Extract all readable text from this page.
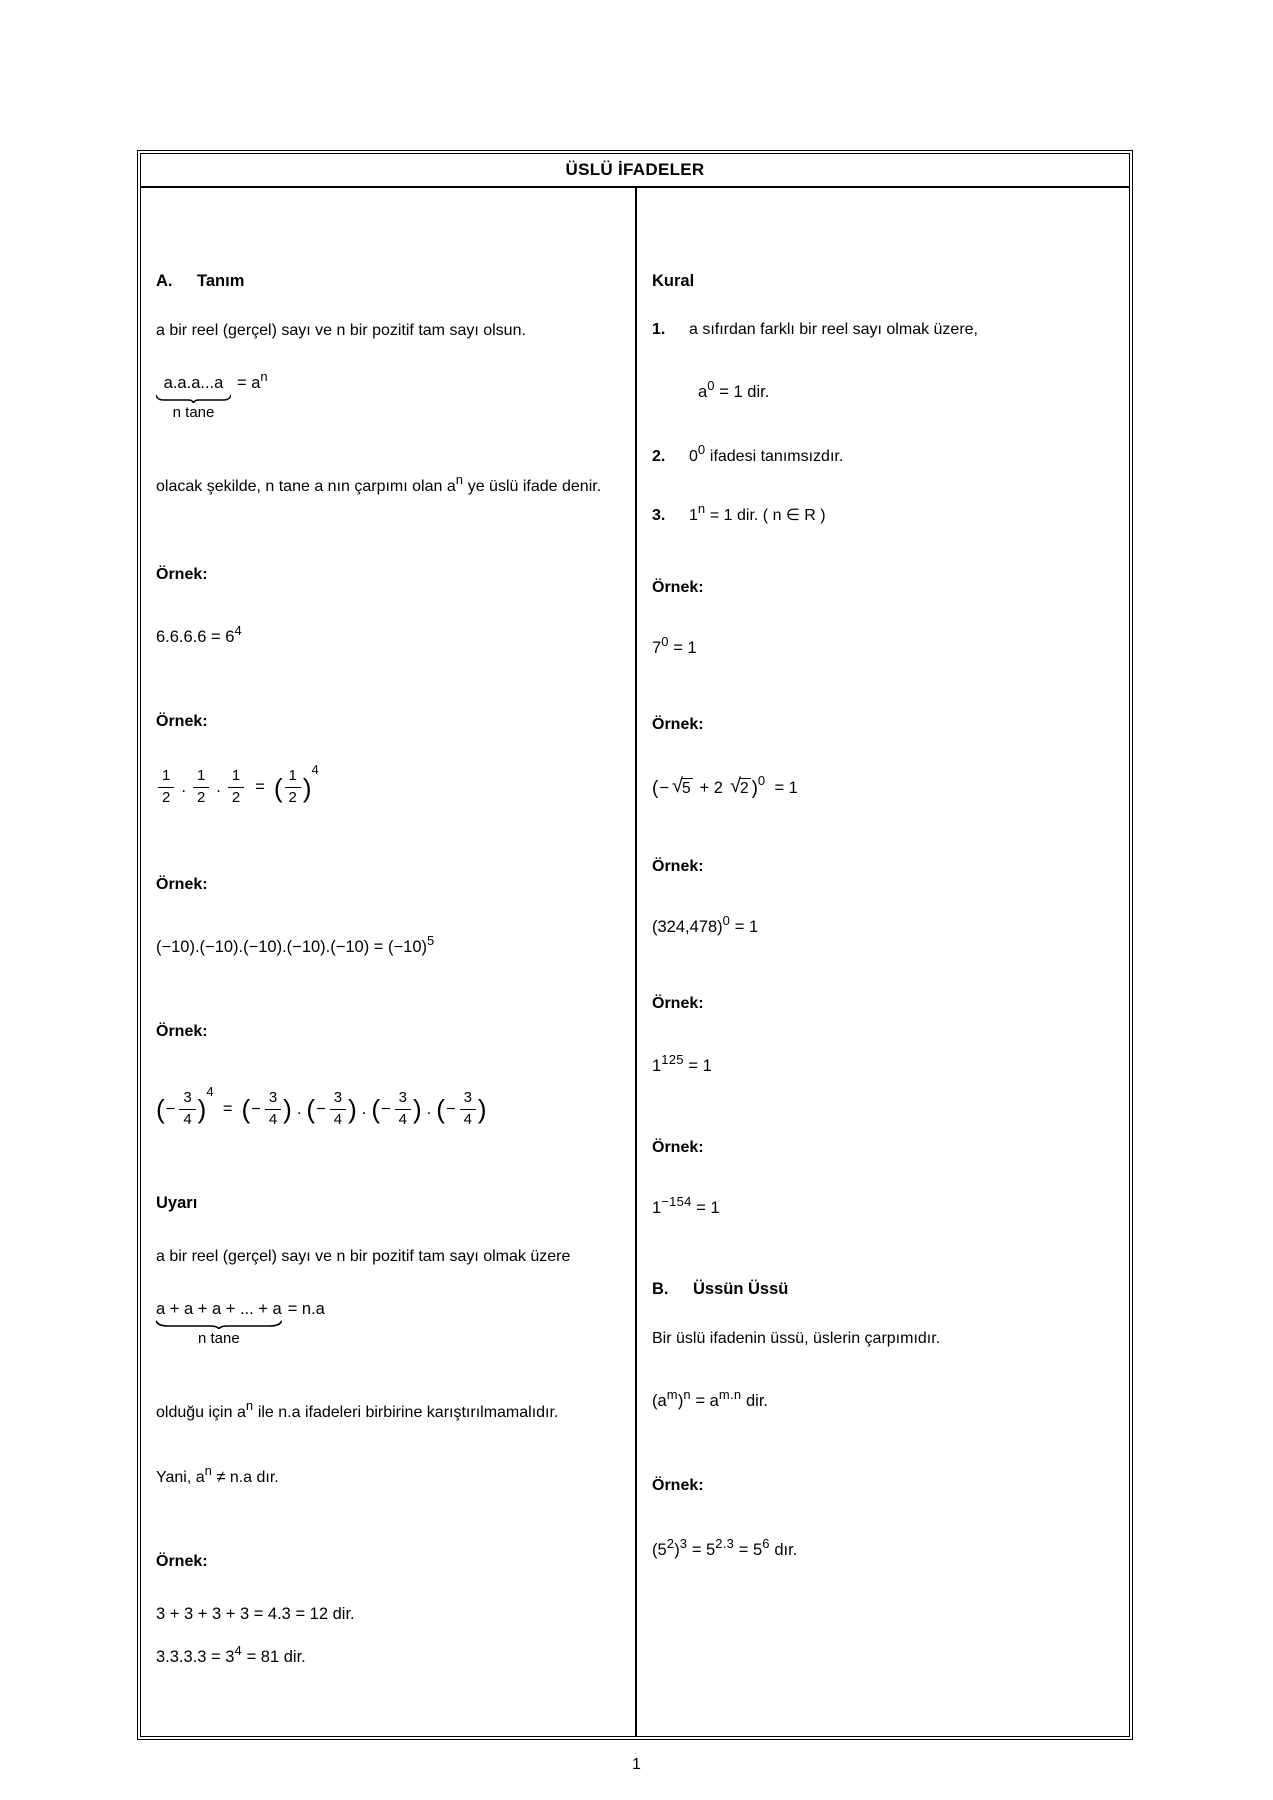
ÜSLÜ İFADELER
A.	Tanım

a bir reel (gerçel) sayı ve n bir pozitif tam sayı olsun.

a.a.a...a
n tane
= $a^n$

olacak şekilde, n tane a nın çarpımı olan $a^n$ ye üslü ifade denir.

Örnek:
$6.6.6.6 = 6^4$
Örnek:
$\frac{1}{2}$ . $\frac{1}{2}$ . $\frac{1}{2}$ = ( $\frac{1}{2}$ )
4
Örnek:
$(-10).(-10).(-10).(-10).(-10) = (-10)^5$
Örnek:
( − $\frac{3}{4}$ )
4
= ( − $\frac{3}{4}$ ) . ( − $\frac{3}{4}$ ) . ( − $\frac{3}{4}$ ) . ( − $\frac{3}{4}$ )
Uyarı

a bir reel (gerçel) sayı ve n bir pozitif tam sayı olmak üzere

a + a + a + ... + a
n tane
= n.a

olduğu için $a^n$ ile n.a ifadeleri birbirine karıştırılmamalıdır.

Yani, $a^n \ne n.a$ dır.

Örnek:
3 + 3 + 3 + 3 = 4.3 = 12 dir.
$3.3.3.3 = 3^4 = 81$ dir.
Kural
1.	a sıfırdan farklı bir reel sayı olmak üzere,
$a^0 = 1$ dir.
2.	$0^0$ ifadesi tanımsızdır.
3.	$1^n = 1$ dir. ( n ∈ R )
Örnek:
$7^0 = 1$
Örnek:
( − √ 5 + 2 √ 2 ) 0 = 1
Örnek:
$(324,478)^0 = 1$
Örnek:
$1^{125} = 1$
Örnek:
$1^{-154} = 1$
B.	Üssün Üssü

Bir üslü ifadenin üssü, üslerin çarpımıdır.

$(a^m)^n = a^{m.n}$ dir.
Örnek:
$(5^2)^3 = 5^{2.3} = 5^6$ dır.
1
